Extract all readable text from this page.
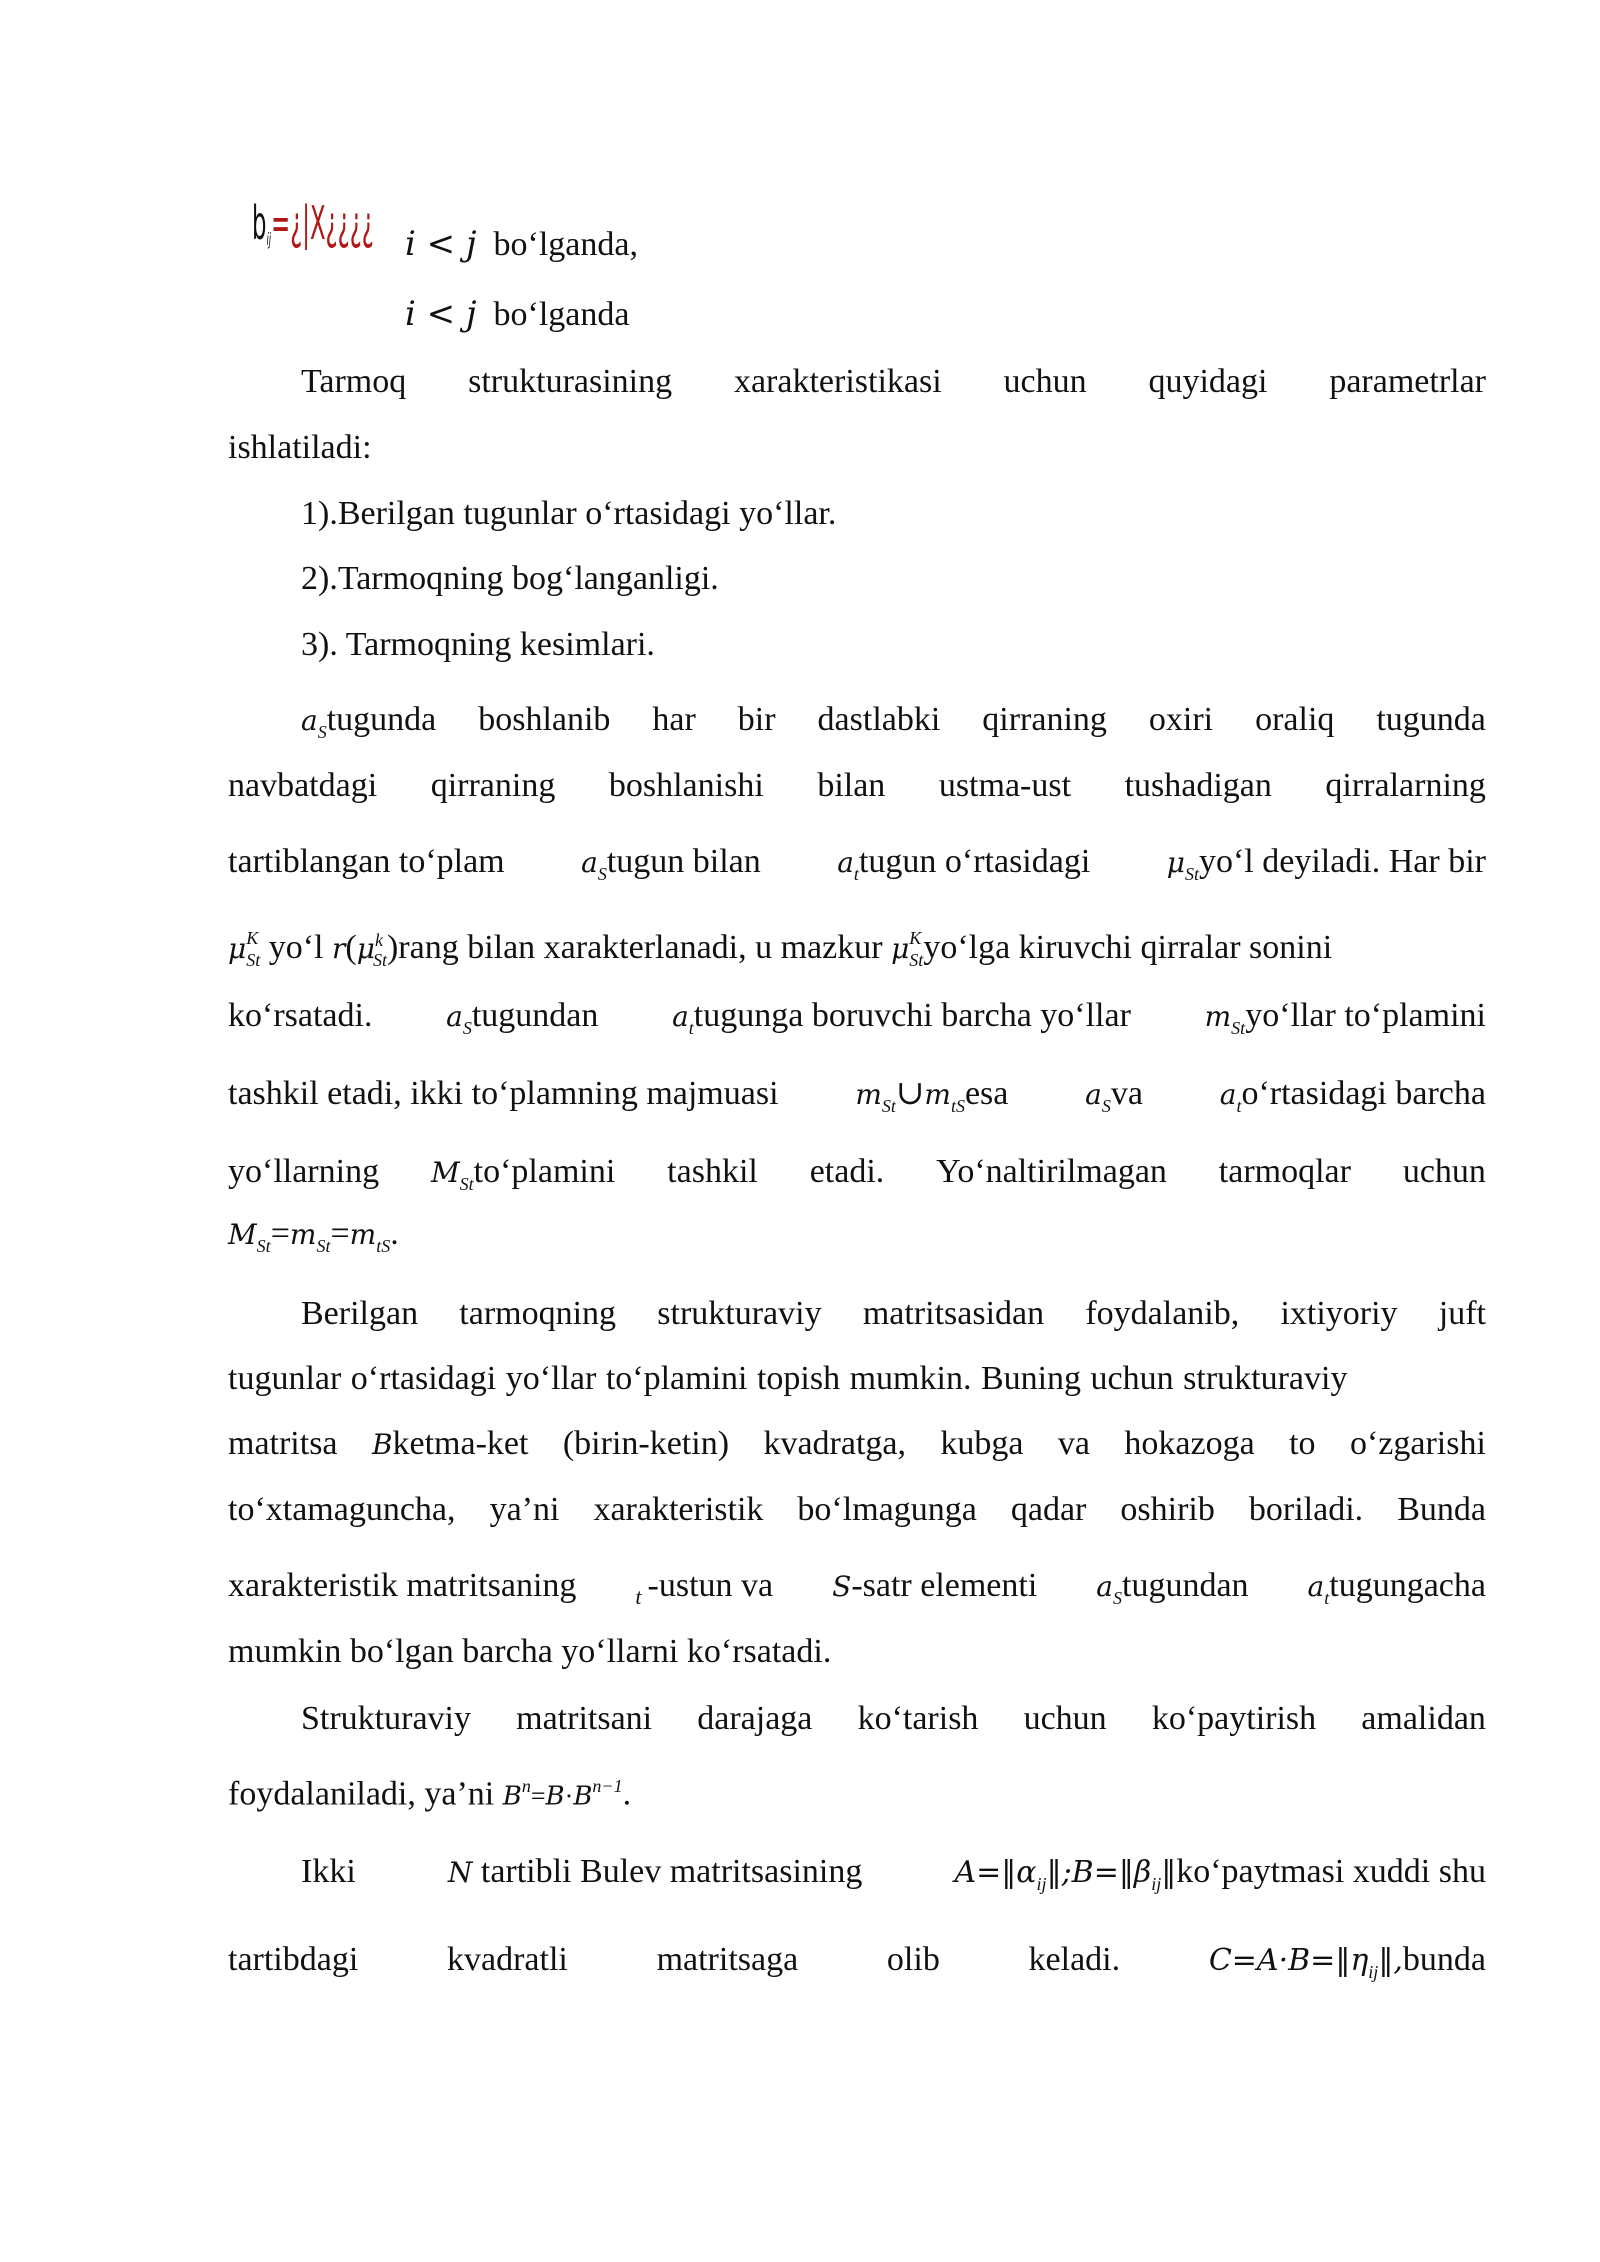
bij=¿|X¿¿¿¿ i < j bo‘lganda,
i < j bo‘lganda
Tarmoq strukturasining xarakteristikasi uchun quyidagi parametrlar
ishlatiladi:
1).Berilgan tugunlar o‘rtasidagi yo‘llar.
2).Tarmoqning bog‘langanligi.
3). Tarmoqning kesimlari.
$a_Stugunda$ boshlanib har bir dastlabki qirraning oxiri oraliq tugunda
navbatdagi qirraning boshlanishi bilan ustma-ust tushadigan qirralarning
tartiblangan to‘plam	$a_Stugun$ bilan	$a_ttugun$ o‘rtasidagi	$\mu_{St}yo‘l$ deyiladi. Har bir
$\mu^K_{St}$ yo‘l $r(\mu^k_{St})rang$ bilan xarakterlanadi, u mazkur $\mu^K_{St}yo‘\lg a$ kiruvchi qirralar sonini
ko‘rsatadi.	$a_Stugundan$	$a_ttugunga$ boruvchi barcha yo‘llar	$m_{St}yo‘llar$ to‘plamini
tashkil etadi, ikki to‘plamning majmuasi	$m_{St}\cup m_{tS}esa$	$a_Sva$	$a_to‘rtasidagi$ barcha
yo‘llarning $M_{St}to‘plamini$ tashkil etadi. Yo‘naltirilmagan tarmoqlar uchun
$M_{St}=m_{St}=m_{tS}$.
Berilgan tarmoqning strukturaviy matritsasidan foydalanib, ixtiyoriy juft
tugunlar o‘rtasidagi yo‘llar to‘plamini topish mumkin. Buning uchun strukturaviy
matritsa Bketma-ket (birin-ketin) kvadratga, kubga va hokazoga to o‘zgarishi
to‘xtamaguncha, ya’ni xarakteristik bo‘lmagunga qadar oshirib boriladi. Bunda
xarakteristik matritsaning	$_t$ -ustun va S-satr elementi $a_Stugundan$ $a_ttugungacha$
mumkin bo‘lgan barcha yo‘llarni ko‘rsatadi.
Strukturaviy matritsani darajaga ko‘tarish uchun ko‘paytirish amalidan
foydalaniladi, ya’ni $B^n=B\cdot B^{n-1}$.
Ikki	N tartibli Bulev matritsasining	$A=‖\alpha_{ij}‖;B=‖\beta_{ij}‖ko‘paytmasi$ xuddi shu
tartibdagi	kvadratli	matritsaga	olib	keladi.	$C=A\cdot B=‖\eta_{ij}‖,bunda$
